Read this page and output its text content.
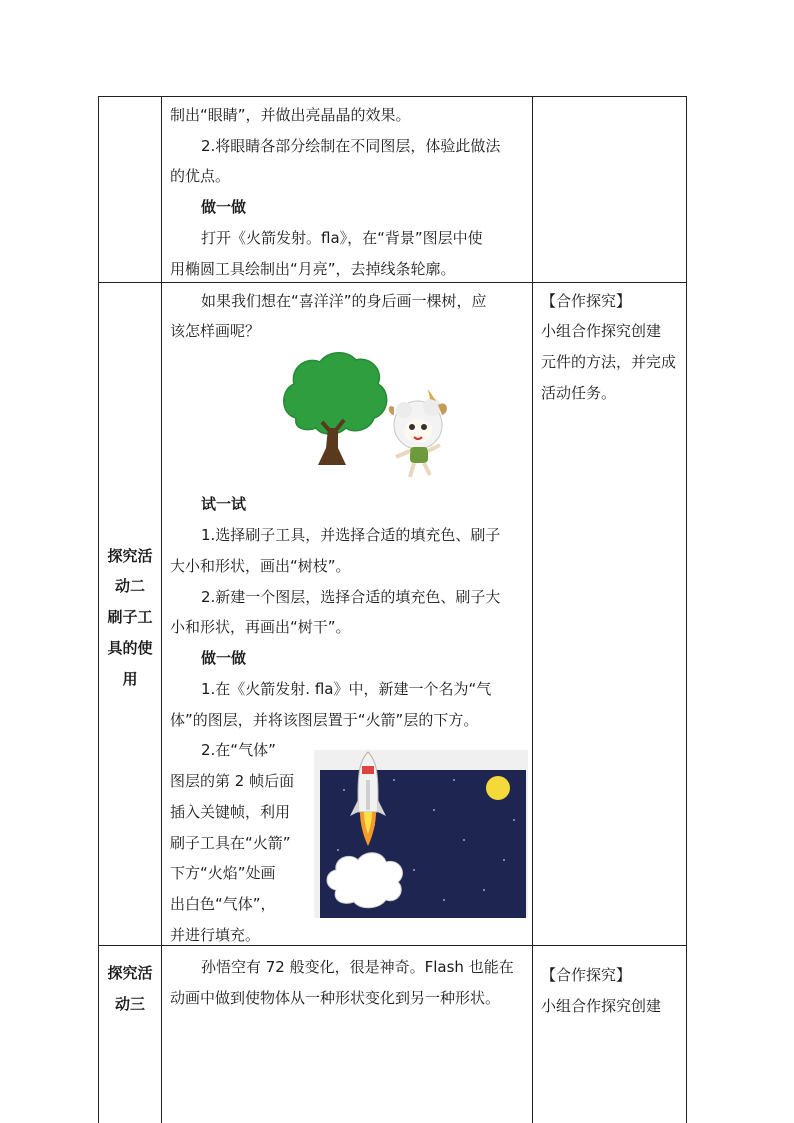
制出“眼睛”，并做出亮晶晶的效果。
2.将眼睛各部分绘制在不同图层，体验此做法
的优点。
做一做
打开《火箭发射。fla》，在“背景”图层中使
用椭圆工具绘制出“月亮”，去掉线条轮廓。
探究活
动二
刷子工
具的使
用
如果我们想在“喜洋洋”的身后画一棵树，应
该怎样画呢？
试一试
1.选择刷子工具，并选择合适的填充色、刷子
大小和形状，画出“树枝”。
2.新建一个图层，选择合适的填充色、刷子大
小和形状，再画出“树干”。
做一做
1.在《火箭发射. fla》中，新建一个名为“气
体”的图层，并将该图层置于“火箭”层的下方。
2.在“气体”
图层的第 2 帧后面
插入关键帧，利用
刷子工具在“火箭”
下方“火焰”处画
出白色“气体”，
并进行填充。
【合作探究】
小组合作探究创建
元件的方法，并完成
活动任务。
探究活
动三
孙悟空有 72 般变化，很是神奇。Flash 也能在
动画中做到使物体从一种形状变化到另一种形状。
【合作探究】
小组合作探究创建
